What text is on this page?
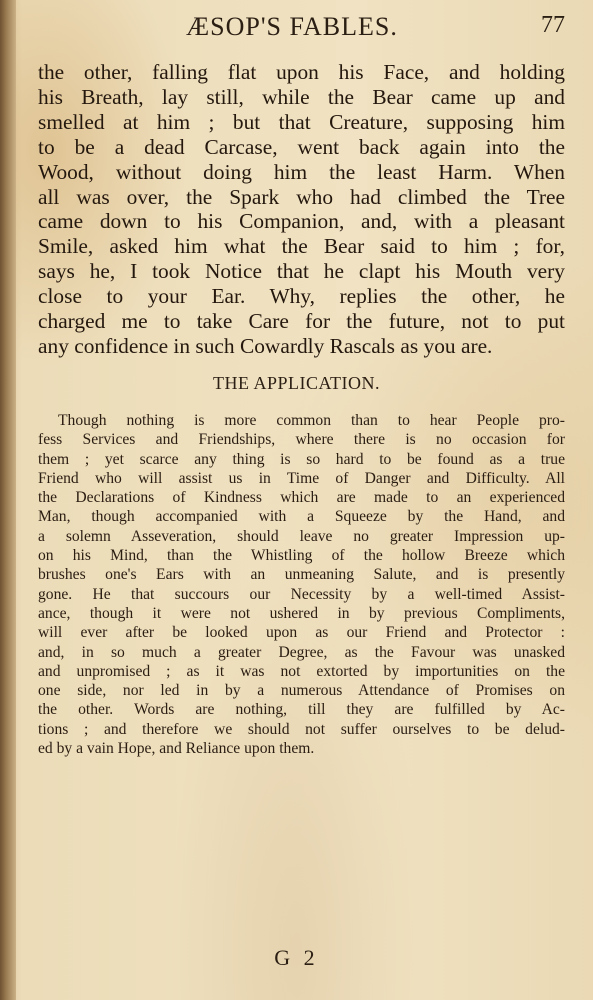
ÆSOP'S FABLES.	77
the other, falling flat upon his Face, and holding
his Breath, lay still, while the Bear came up and
smelled at him ; but that Creature, supposing him
to be a dead Carcase, went back again into the
Wood, without doing him the least Harm. When
all was over, the Spark who had climbed the Tree
came down to his Companion, and, with a pleasant
Smile, asked him what the Bear said to him ; for,
says he, I took Notice that he clapt his Mouth very
close to your Ear. Why, replies the other, he
charged me to take Care for the future, not to put
any confidence in such Cowardly Rascals as you are.
THE APPLICATION.
Though nothing is more common than to hear People pro-
fess Services and Friendships, where there is no occasion for
them ; yet scarce any thing is so hard to be found as a true
Friend who will assist us in Time of Danger and Difficulty. All
the Declarations of Kindness which are made to an experienced
Man, though accompanied with a Squeeze by the Hand, and
a solemn Asseveration, should leave no greater Impression up-
on his Mind, than the Whistling of the hollow Breeze which
brushes one's Ears with an unmeaning Salute, and is presently
gone. He that succours our Necessity by a well-timed Assist-
ance, though it were not ushered in by previous Compliments,
will ever after be looked upon as our Friend and Protector :
and, in so much a greater Degree, as the Favour was unasked
and unpromised ; as it was not extorted by importunities on the
one side, nor led in by a numerous Attendance of Promises on
the other. Words are nothing, till they are fulfilled by Ac-
tions ; and therefore we should not suffer ourselves to be delud-
ed by a vain Hope, and Reliance upon them.
G 2
